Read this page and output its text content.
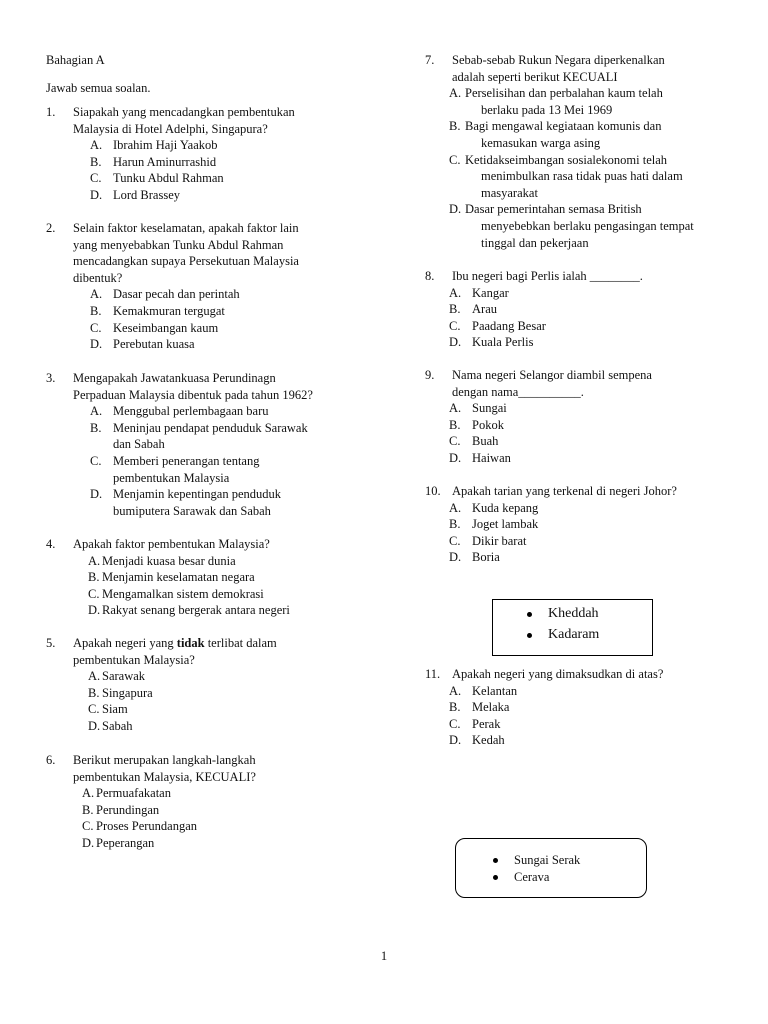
Bahagian A
Jawab semua soalan.
1.	Siapakah yang mencadangkan pembentukan
Malaysia di Hotel Adelphi, Singapura?
A. Ibrahim Haji Yaakob
B. Harun Aminurrashid
C. Tunku Abdul Rahman
D. Lord Brassey
2.	Selain faktor keselamatan, apakah faktor lain
yang menyebabkan Tunku Abdul Rahman
mencadangkan supaya Persekutuan Malaysia
dibentuk?
A. Dasar pecah dan perintah
B. Kemakmuran tergugat
C. Keseimbangan kaum
D. Perebutan kuasa
3.	Mengapakah Jawatankuasa Perundinagn
Perpaduan Malaysia dibentuk pada tahun 1962?
A. Menggubal perlembagaan baru
B. Meninjau pendapat penduduk Sarawak
dan Sabah
C. Memberi penerangan tentang
pembentukan Malaysia
D. Menjamin kepentingan penduduk
bumiputera Sarawak dan Sabah
4.	Apakah faktor pembentukan Malaysia?
A. Menjadi kuasa besar dunia
B. Menjamin keselamatan negara
C. Mengamalkan sistem demokrasi
D. Rakyat senang bergerak antara negeri
5.	Apakah negeri yang tidak terlibat dalam
pembentukan Malaysia?
A. Sarawak
B. Singapura
C. Siam
D. Sabah
6.	Berikut merupakan langkah-langkah
pembentukan Malaysia, KECUALI?
A. Permuafakatan
B. Perundingan
C. Proses Perundangan
D. Peperangan
7.	Sebab-sebab Rukun Negara diperkenalkan
adalah seperti berikut KECUALI
A. Perselisihan dan perbalahan kaum telah
berlaku pada 13 Mei 1969
B. Bagi mengawal kegiataan komunis dan
kemasukan warga asing
C. Ketidakseimbangan sosialekonomi telah
menimbulkan rasa tidak puas hati dalam
masyarakat
D. Dasar pemerintahan semasa British
menyebebkan berlaku pengasingan tempat
tinggal dan pekerjaan
8.	Ibu negeri bagi Perlis ialah ________.
A. Kangar
B. Arau
C. Paadang Besar
D. Kuala Perlis
9.	Nama negeri Selangor diambil sempena
dengan nama__________.
A. Sungai
B. Pokok
C. Buah
D. Haiwan
10. Apakah tarian yang terkenal di negeri Johor?
A. Kuda kepang
B. Joget lambak
C. Dikir barat
D. Boria
Kheddah
Kadaram
11. Apakah negeri yang dimaksudkan di atas?
A. Kelantan
B. Melaka
C. Perak
D. Kedah
Sungai Serak
Cerava
1
